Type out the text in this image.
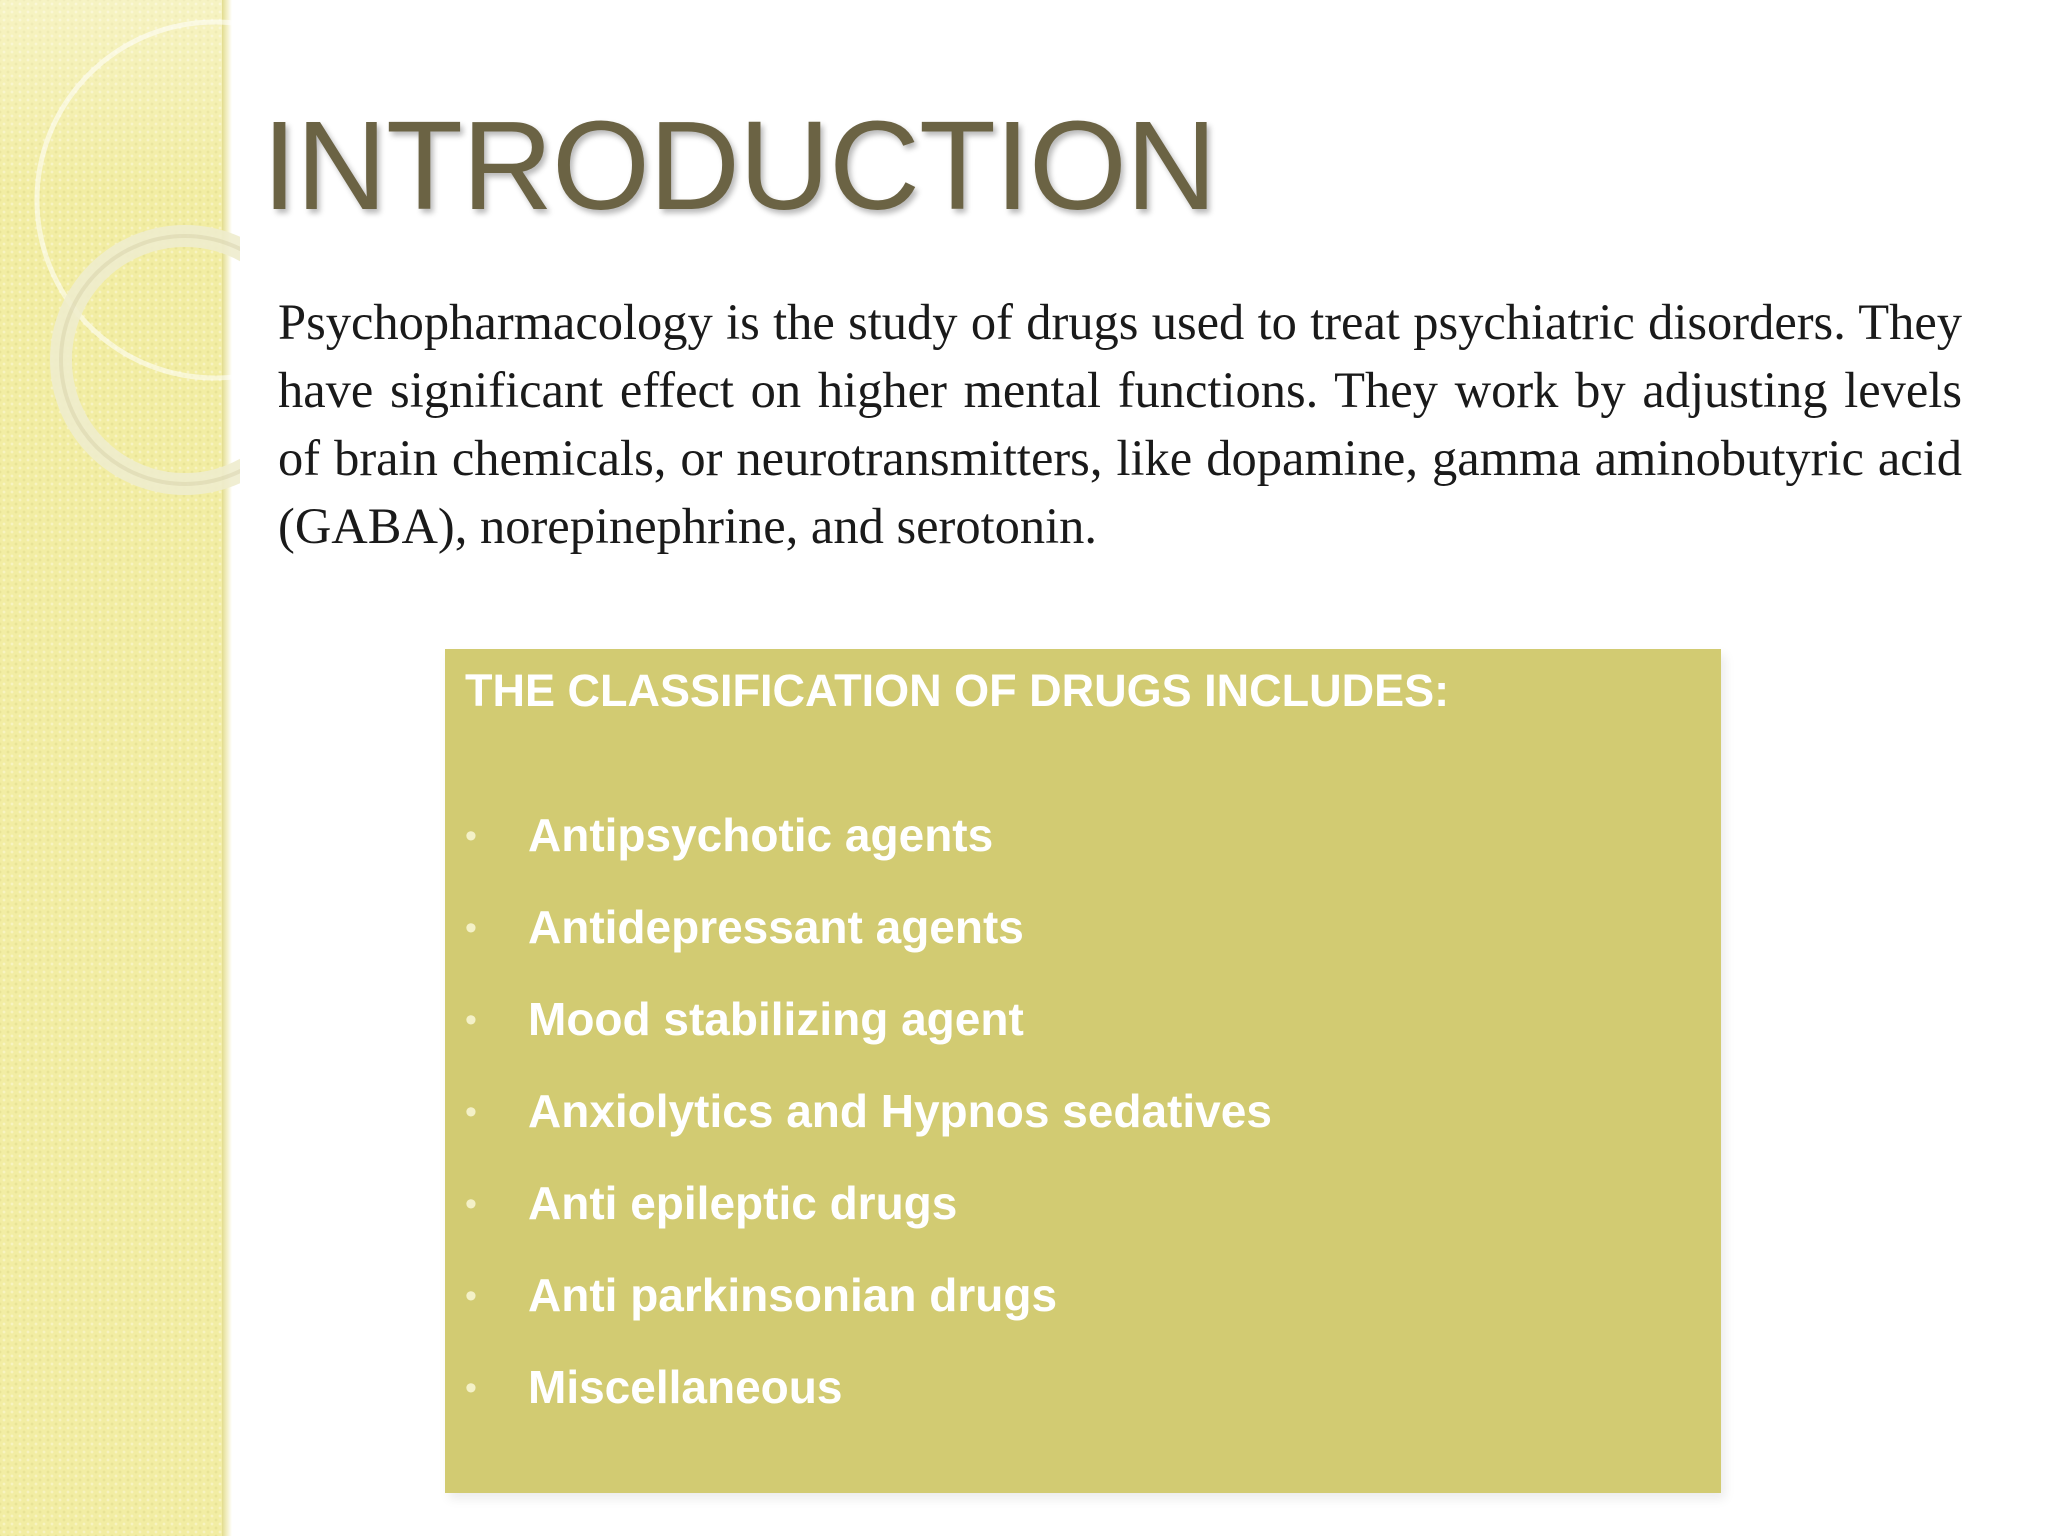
INTRODUCTION

Psychopharmacology is the study of drugs used to treat psychiatric disorders. They have significant effect on higher mental functions. They work by adjusting levels of brain chemicals, or neurotransmitters, like dopamine, gamma aminobutyric acid (GABA), norepinephrine, and serotonin.

THE CLASSIFICATION OF DRUGS INCLUDES:
• Antipsychotic agents
• Antidepressant agents
• Mood stabilizing agent
• Anxiolytics and Hypnos sedatives
• Anti epileptic drugs
• Anti parkinsonian drugs
• Miscellaneous
